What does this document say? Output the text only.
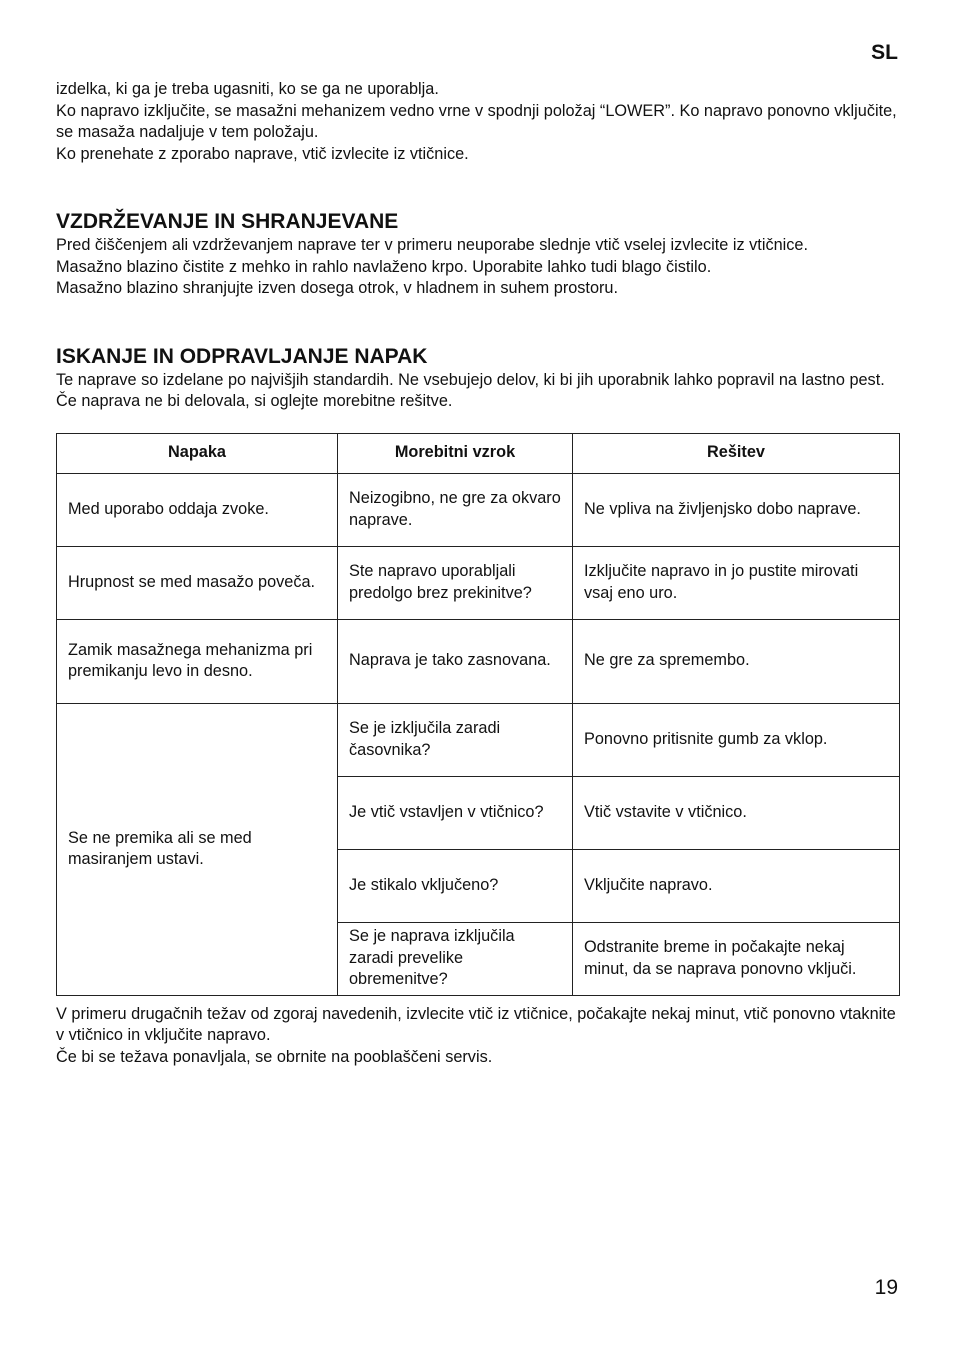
SL

izdelka, ki ga je treba ugasniti, ko se ga ne uporablja.

Ko napravo izključite, se masažni mehanizem vedno vrne v spodnji položaj “LOWER”. Ko napravo ponovno vključite, se masaža nadaljuje v tem položaju.

Ko prenehate z zporabo naprave, vtič izvlecite iz vtičnice.

VZDRŽEVANJE IN SHRANJEVANE

Pred čiščenjem ali vzdrževanjem naprave ter v primeru neuporabe slednje vtič vselej izvlecite iz vtičnice.

Masažno blazino čistite z mehko in rahlo navlaženo krpo. Uporabite lahko tudi blago čistilo.

Masažno blazino shranjujte izven dosega otrok, v hladnem in suhem prostoru.

ISKANJE IN ODPRAVLJANJE NAPAK

Te naprave so izdelane po najvišjih standardih. Ne vsebujejo delov, ki bi jih uporabnik lahko popravil na lastno pest. Če naprava ne bi delovala, si oglejte morebitne rešitve.

Napaka	Morebitni vzrok	Rešitev
Med uporabo oddaja zvoke.	Neizogibno, ne gre za okvaro naprave.	Ne vpliva na življenjsko dobo naprave.
Hrupnost se med masažo poveča.	Ste napravo uporabljali predolgo brez prekinitve?	Izključite napravo in jo pustite mirovati vsaj eno uro.
Zamik masažnega mehanizma pri premikanju levo in desno.	Naprava je tako zasnovana.	Ne gre za spremembo.
Se ne premika ali se med masiranjem ustavi.	Se je izključila zaradi časovnika?	Ponovno pritisnite gumb za vklop.
	Je vtič vstavljen v vtičnico?	Vtič vstavite v vtičnico.
	Je stikalo vključeno?	Vključite napravo.
	Se je naprava izključila zaradi prevelike obremenitve?	Odstranite breme in počakajte nekaj minut, da se naprava ponovno vključi.

V primeru drugačnih težav od zgoraj navedenih, izvlecite vtič iz vtičnice, počakajte nekaj minut, vtič ponovno vtaknite v vtičnico in vključite napravo.

Če bi se težava ponavljala, se obrnite na pooblaščeni servis.

19
